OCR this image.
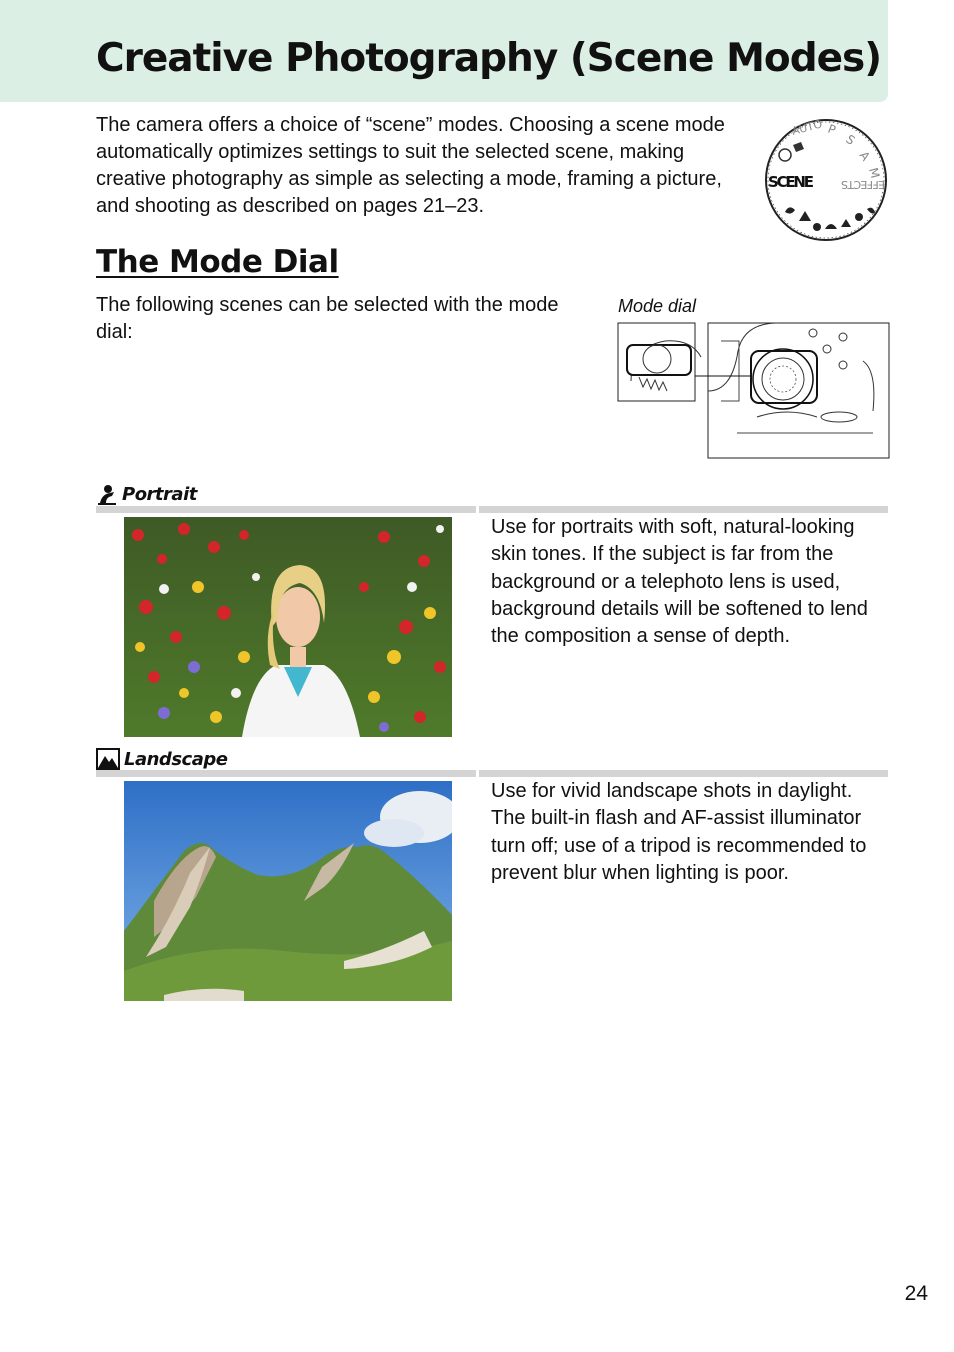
Creative Photography (Scene Modes)

The camera offers a choice of “scene” modes. Choosing a scene mode automatically optimizes settings to suit the selected scene, making creative photography as simple as selecting a mode, framing a picture, and shooting as described on pages 21–23.

AUTO P
S
A
M
SCENE	EFFECTS
The Mode Dial

The following scenes can be selected with the mode dial:

Mode dial
Portrait

Use for portraits with soft, natural-looking skin tones. If the subject is far from the background or a telephoto lens is used, background details will be softened to lend the composition a sense of depth.

Landscape

Use for vivid landscape shots in daylight. The built-in flash and AF-assist illuminator turn off; use of a tripod is recommended to prevent blur when lighting is poor.

24
